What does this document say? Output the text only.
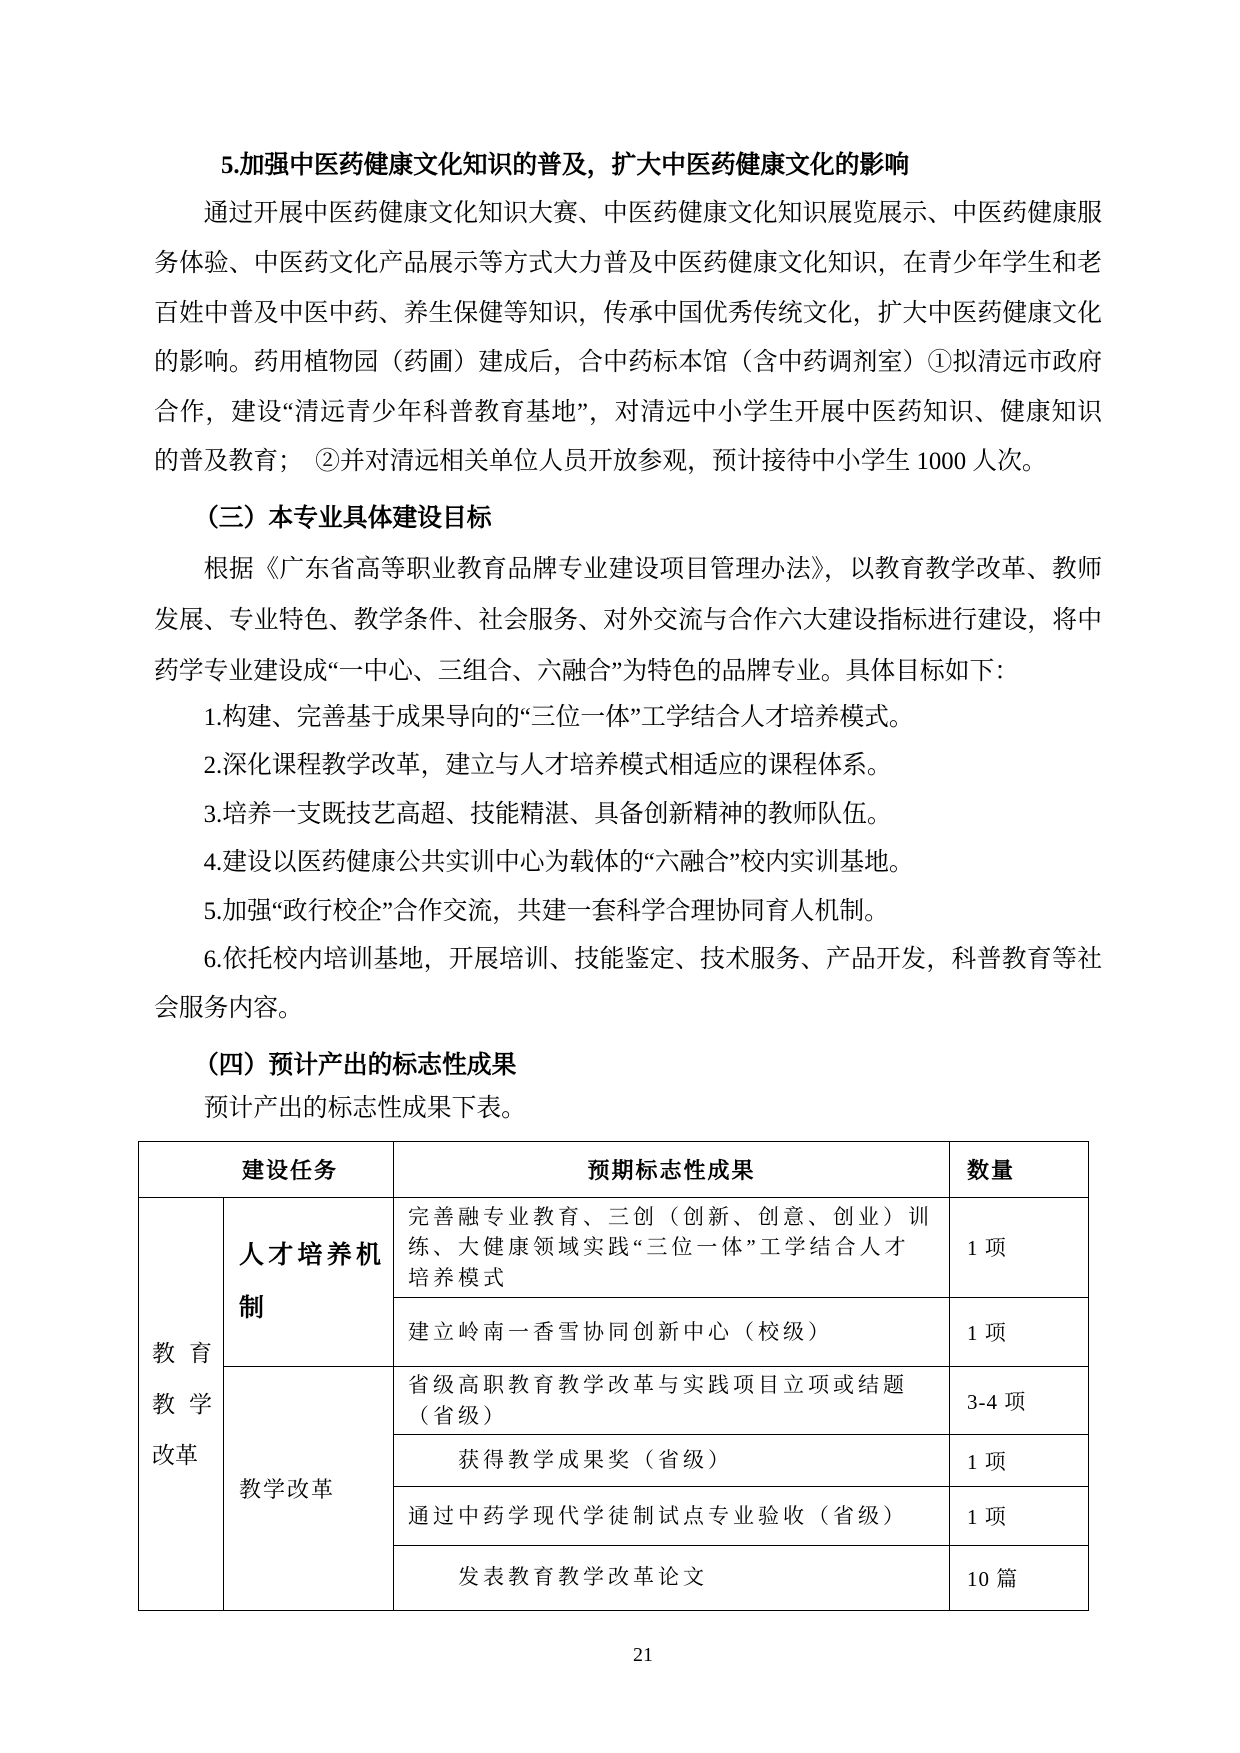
5.加强中医药健康文化知识的普及，扩大中医药健康文化的影响
通过开展中医药健康文化知识大赛、中医药健康文化知识展览展示、中医药健康服
务体验、中医药文化产品展示等方式大力普及中医药健康文化知识，在青少年学生和老
百姓中普及中医中药、养生保健等知识，传承中国优秀传统文化，扩大中医药健康文化
的影响。药用植物园（药圃）建成后，合中药标本馆（含中药调剂室）①拟清远市政府
合作，建设“清远青少年科普教育基地”，对清远中小学生开展中医药知识、健康知识
的普及教育；　②并对清远相关单位人员开放参观，预计接待中小学生 1000 人次。
（三）本专业具体建设目标
根据《广东省高等职业教育品牌专业建设项目管理办法》，以教育教学改革、教师
发展、专业特色、教学条件、社会服务、对外交流与合作六大建设指标进行建设，将中
药学专业建设成“一中心、三组合、六融合”为特色的品牌专业。具体目标如下：
1.构建、完善基于成果导向的“三位一体”工学结合人才培养模式。
2.深化课程教学改革，建立与人才培养模式相适应的课程体系。
3.培养一支既技艺高超、技能精湛、具备创新精神的教师队伍。
4.建设以医药健康公共实训中心为载体的“六融合”校内实训基地。
5.加强“政行校企”合作交流，共建一套科学合理协同育人机制。
6.依托校内培训基地，开展培训、技能鉴定、技术服务、产品开发，科普教育等社
会服务内容。
（四）预计产出的标志性成果
预计产出的标志性成果下表。
建设任务		预期标志性成果	数量

教育教学改革	人才培养机制	完善融专业教育、三创（创新、创意、创业）训
练、大健康领域实践“三位一体”工学结合人才
培养模式	1 项

		建立岭南一香雪协同创新中心（校级）	1 项

	教学改革	省级高职教育教学改革与实践项目立项或结题
（省级）	3-4 项

		获得教学成果奖（省级）	1 项

		通过中药学现代学徒制试点专业验收（省级）	1 项

		发表教育教学改革论文	10 篇
21
